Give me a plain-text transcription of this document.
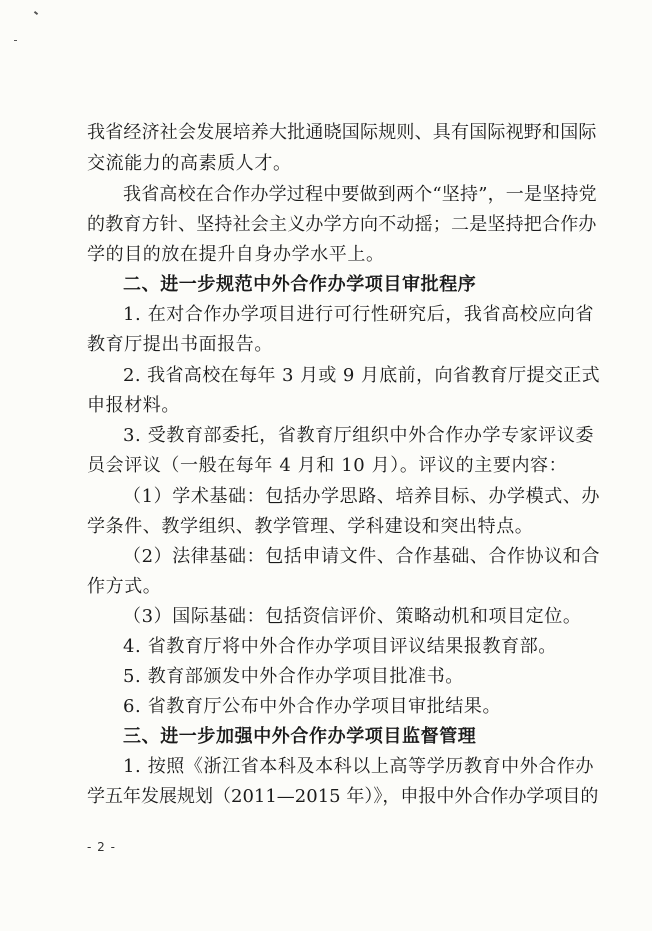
我省经济社会发展培养大批通晓国际规则、具有国际视野和国际
交流能力的高素质人才。
我省高校在合作办学过程中要做到两个“坚持”，一是坚持党
的教育方针、坚持社会主义办学方向不动摇；二是坚持把合作办
学的目的放在提升自身办学水平上。
二、进一步规范中外合作办学项目审批程序
1. 在对合作办学项目进行可行性研究后，我省高校应向省
教育厅提出书面报告。
2. 我省高校在每年 3 月或 9 月底前，向省教育厅提交正式
申报材料。
3. 受教育部委托，省教育厅组织中外合作办学专家评议委
员会评议（一般在每年 4 月和 10 月）。评议的主要内容：
（1）学术基础：包括办学思路、培养目标、办学模式、办
学条件、教学组织、教学管理、学科建设和突出特点。
（2）法律基础：包括申请文件、合作基础、合作协议和合
作方式。
（3）国际基础：包括资信评价、策略动机和项目定位。
4. 省教育厅将中外合作办学项目评议结果报教育部。
5. 教育部颁发中外合作办学项目批准书。
6. 省教育厅公布中外合作办学项目审批结果。
三、进一步加强中外合作办学项目监督管理
1. 按照《浙江省本科及本科以上高等学历教育中外合作办
学五年发展规划（2011—2015 年）》，申报中外合作办学项目的
- 2 -
